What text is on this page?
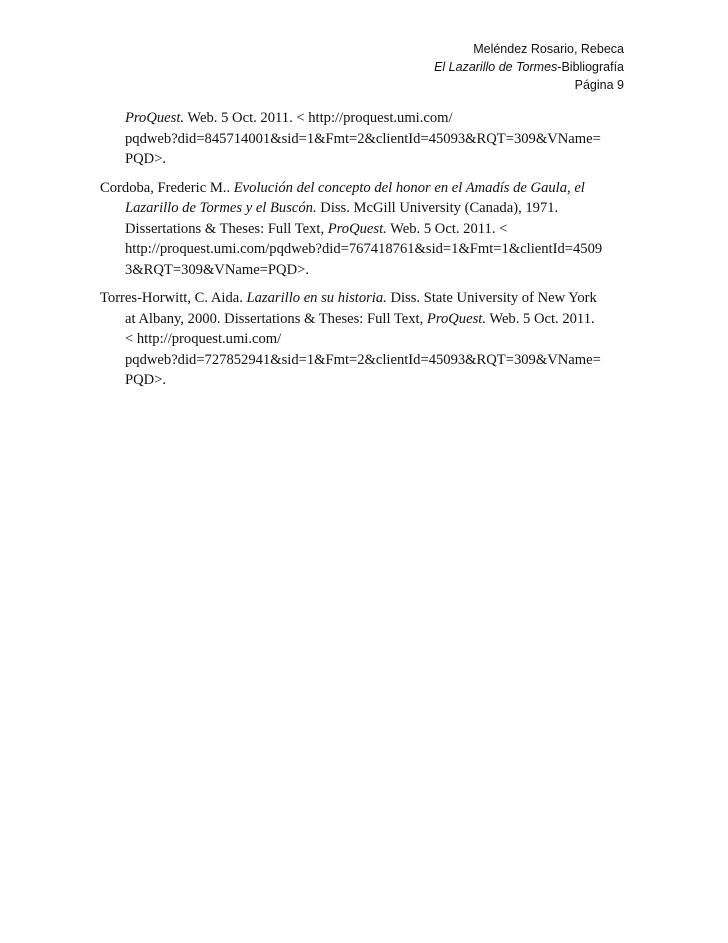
Meléndez Rosario, Rebeca
El Lazarillo de Tormes-Bibliografía
Página 9
ProQuest. Web. 5 Oct. 2011. < http://proquest.umi.com/
pqdweb?did=845714001&sid=1&Fmt=2&clientId=45093&RQT=309&VName=
PQD>.
Cordoba, Frederic M.. Evolución del concepto del honor en el Amadís de Gaula, el
Lazarillo de Tormes y el Buscón. Diss. McGill University (Canada), 1971.
Dissertations & Theses: Full Text, ProQuest. Web. 5 Oct. 2011. <
http://proquest.umi.com/pqdweb?did=767418761&sid=1&Fmt=1&clientId=4509
3&RQT=309&VName=PQD>.
Torres-Horwitt, C. Aida. Lazarillo en su historia. Diss. State University of New York
at Albany, 2000. Dissertations & Theses: Full Text, ProQuest. Web. 5 Oct. 2011.
< http://proquest.umi.com/
pqdweb?did=727852941&sid=1&Fmt=2&clientId=45093&RQT=309&VName=
PQD>.
